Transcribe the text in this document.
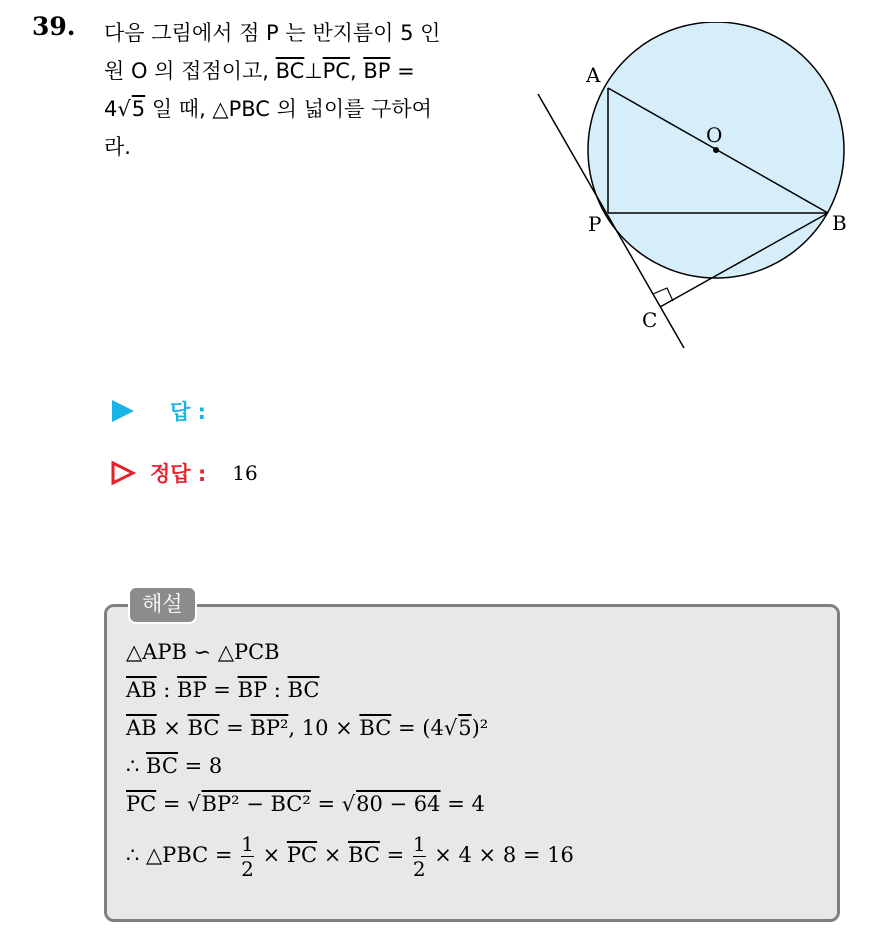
39. 다음 그림에서 점 P 는 반지름이 5 인
원 O 의 접점이고, $\overline{BC}\perp\overline{PC}$, $\overline{BP}$ =
4√5 일 때, △PBC 의 넓이를 구하여
라.
A
O
P	B
C
답 :
정답 : 16
해설
△APB ∽ △PCB
$\overline{AB}$ : $\overline{BP} = \overline{BP}$ : $\overline{BC}$
$\overline{AB} \times \overline{BC} = BP^2$, $10 \times \overline{BC} = (4√5)^2$
∴ $\overline{BC} = 8$
$\overline{PC} = √BP^2 - BC^2 = √80 - 64 = 4$
∴ △PBC = $\frac{1}{2} \times \overline{PC} \times \overline{BC} = \frac{1}{2} \times 4 \times 8 = 16$
